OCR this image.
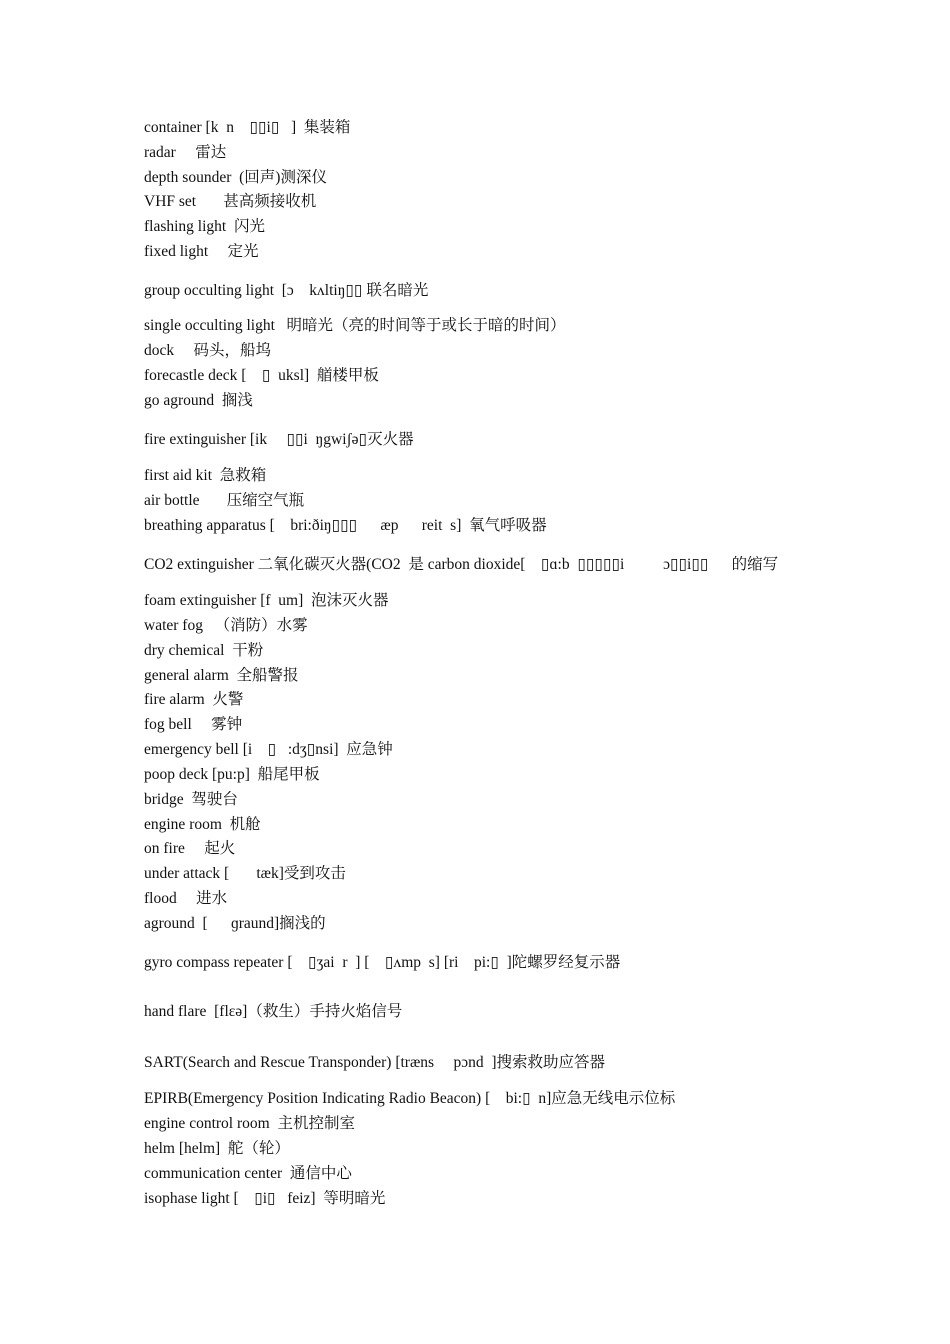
container [k  n    ▯▯i▯   ]  集装箱
radar     雷达
depth sounder  (回声)测深仪
VHF set       甚高频接收机
flashing light  闪光
fixed light     定光
group occulting light  [ɔ    kʌltiŋ▯▯ 联名暗光
single occulting light   明暗光（亮的时间等于或长于暗的时间）
dock     码头，船坞
forecastle deck [    ▯  uksl]  艏楼甲板
go aground  搁浅
fire extinguisher [ik     ▯▯i  ŋgwiʃə▯灭火器
first aid kit  急救箱
air bottle       压缩空气瓶
breathing apparatus [    bri:ðiŋ▯▯▯      æp      reit  s]  氧气呼吸器
CO2 extinguisher 二氧化碳灭火器(CO2  是 carbon dioxide[    ▯ɑ:b  ▯▯▯▯▯i          ɔ▯▯i▯▯      的缩写
foam extinguisher [f  um]  泡沫灭火器
water fog   （消防）水雾
dry chemical  干粉
general alarm  全船警报
fire alarm  火警
fog bell     雾钟
emergency bell [i    ▯   :dʒ▯nsi]  应急钟
poop deck [pu:p]  船尾甲板
bridge  驾驶台
engine room  机舱
on fire     起火
under attack [       tæk]受到攻击
flood     进水
aground  [      ɡraund]搁浅的
gyro compass repeater [    ▯ʒai  r  ] [    ▯ʌmp  s] [ri    pi:▯  ]陀螺罗经复示器
hand flare  [flɛə]（救生）手持火焰信号
SART(Search and Rescue Transponder) [træns     pɔnd  ]搜索救助应答器
EPIRB(Emergency Position Indicating Radio Beacon) [    bi:▯  n]应急无线电示位标
engine control room  主机控制室
helm [helm]  舵（轮）
communication center  通信中心
isophase light [    ▯i▯   feiz]  等明暗光
